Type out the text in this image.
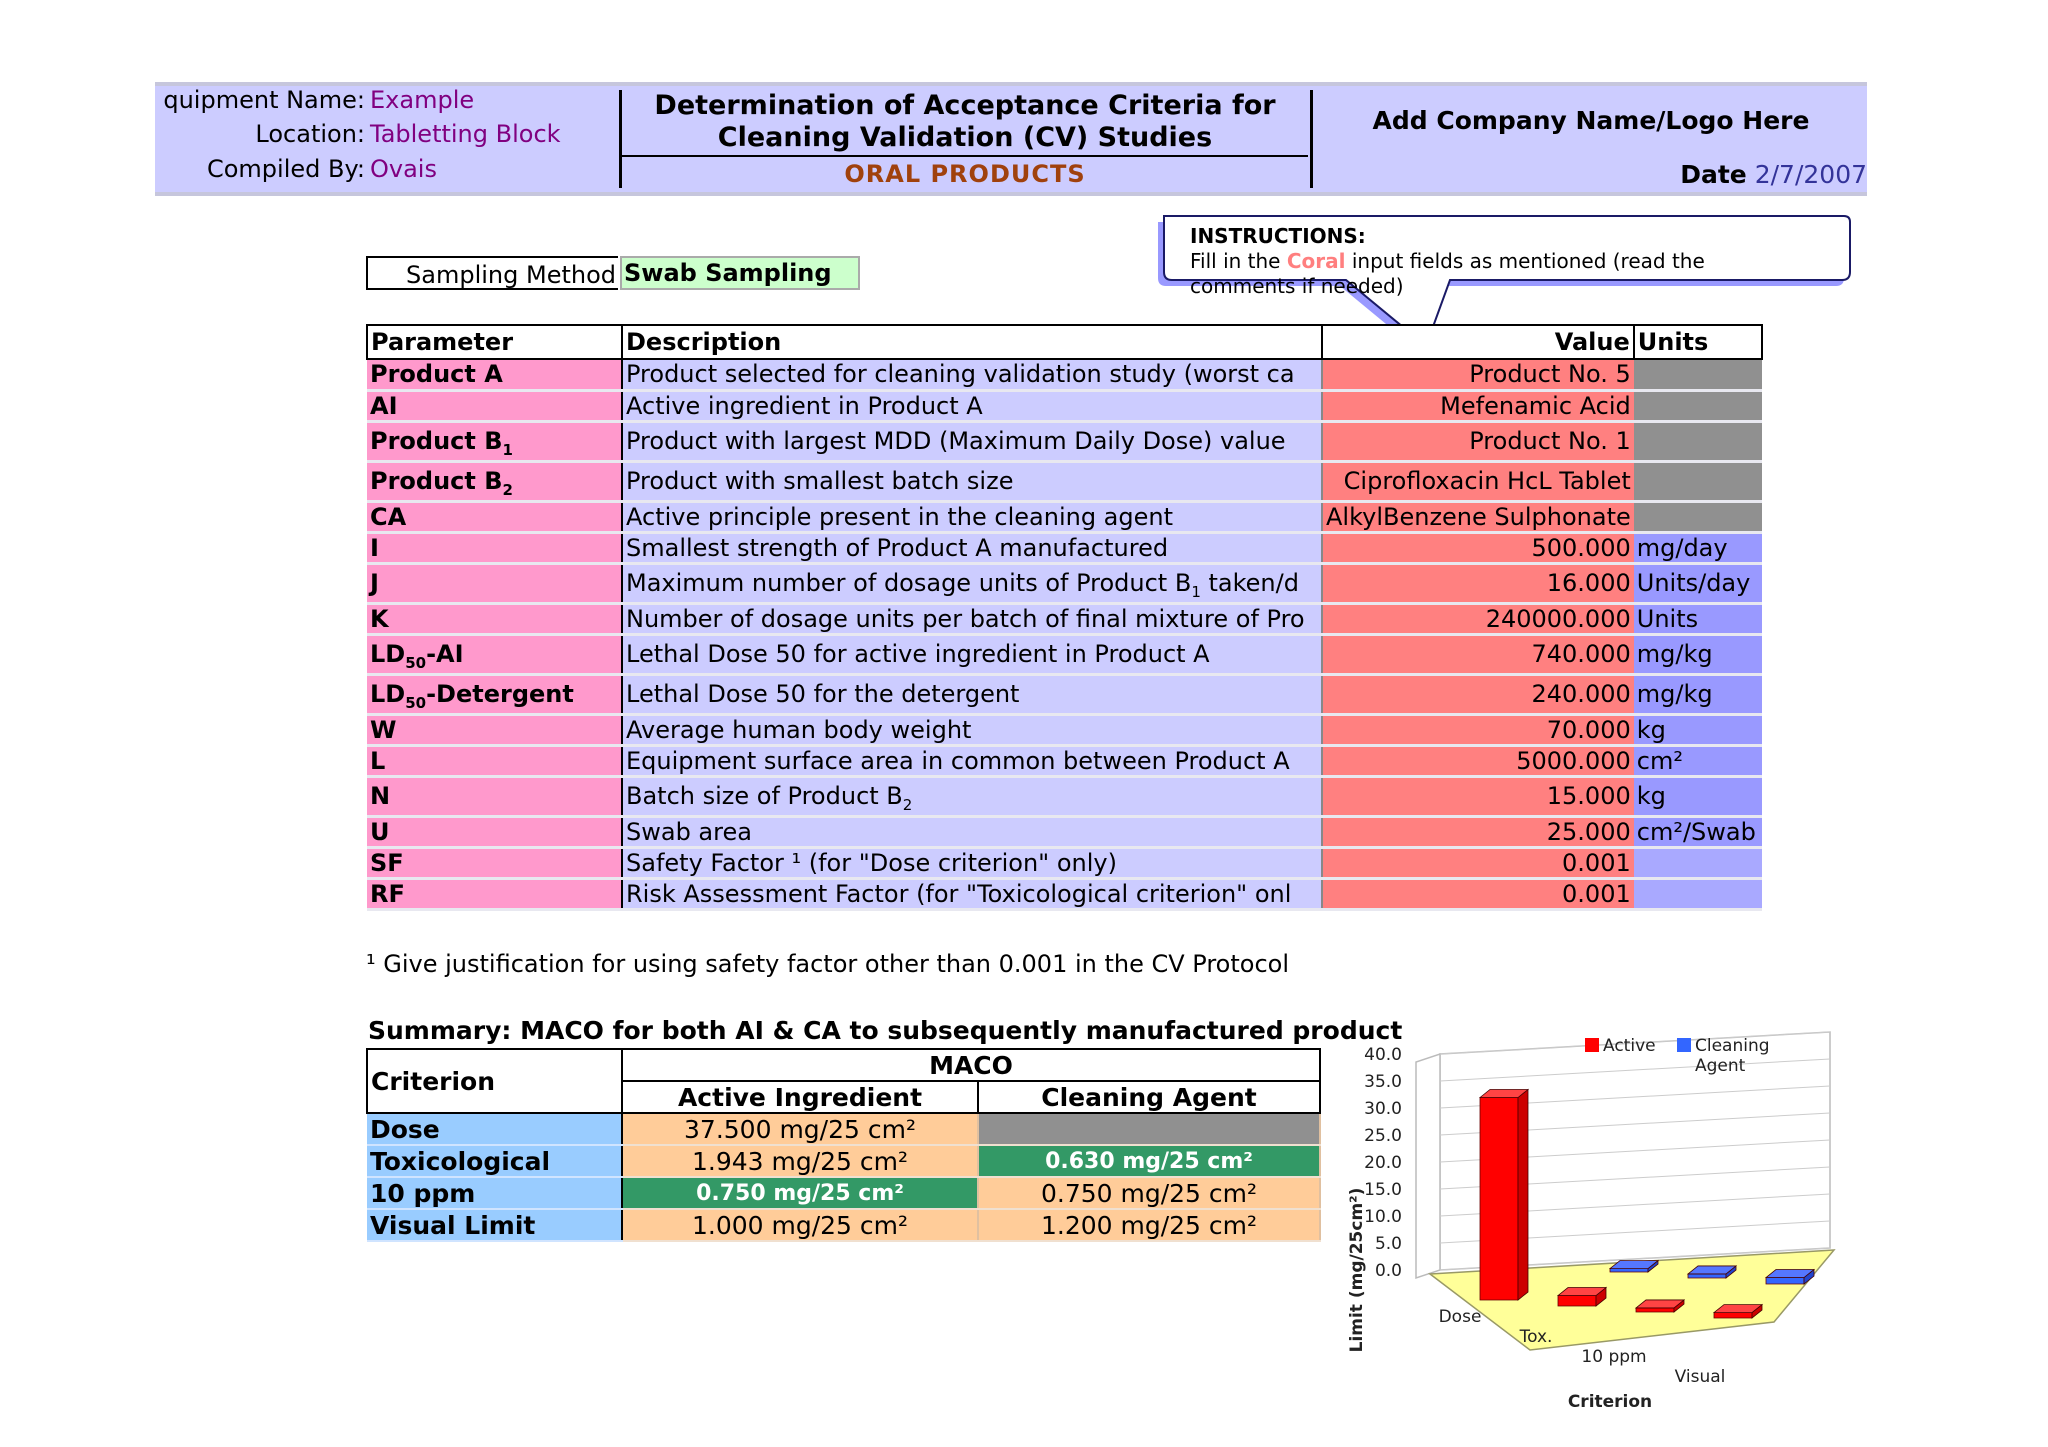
quipment Name: Example
Location: Tabletting Block
Compiled By: Ovais
Determination of Acceptance Criteria for
Cleaning Validation (CV) Studies
ORAL PRODUCTS
Add Company Name/Logo Here
Date 2/7/2007
Sampling Method Swab Sampling
INSTRUCTIONS:
Fill in the Coral input fields as mentioned (read the
comments if needed)
Parameter	Description	Value	Units
Product A	Product selected for cleaning validation study (worst ca	Product No. 5	
AI	Active ingredient in Product A	Mefenamic Acid	
Product $B_1$	Product with largest MDD (Maximum Daily Dose) value	Product No. 1	
Product $B_2$	Product with smallest batch size	Ciprofloxacin HcL Tablet	
CA	Active principle present in the cleaning agent	AlkylBenzene Sulphonate	
I	Smallest strength of Product A manufactured	500.000	mg/day
J	Maximum number of dosage units of Product $B_1$ taken/d	16.000	Units/day
K	Number of dosage units per batch of final mixture of Pro	240000.000	Units
$LD_{50}-AI$	Lethal Dose 50 for active ingredient in Product A	740.000	mg/kg
$LD_{50}$-Detergent	Lethal Dose 50 for the detergent	240.000	mg/kg
W	Average human body weight	70.000	kg
L	Equipment surface area in common between Product A	5000.000	cm²
N	Batch size of Product $B_2$	15.000	kg
U	Swab area	25.000	cm²/Swab
SF	Safety Factor ¹ (for "Dose criterion" only)	0.001	
RF	Risk Assessment Factor (for "Toxicological criterion" onl	0.001	
¹ Give justification for using safety factor other than 0.001 in the CV Protocol
Summary: MACO for both AI & CA to subsequently manufactured product
Criterion	MACO	
	Active Ingredient	Cleaning Agent
Dose	37.500 mg/25 cm²	
Toxicological	1.943 mg/25 cm²	0.630 mg/25 cm²
10 ppm	0.750 mg/25 cm²	0.750 mg/25 cm²
Visual Limit	1.000 mg/25 cm²	1.200 mg/25 cm²
40.0
35.0
30.0
25.0
20.0
15.0
10.0
5.0
0.0
Dose
Tox.
10 ppm
Visual
Criterion
Limit (mg/25cm²)
Active Cleaning
Agent
